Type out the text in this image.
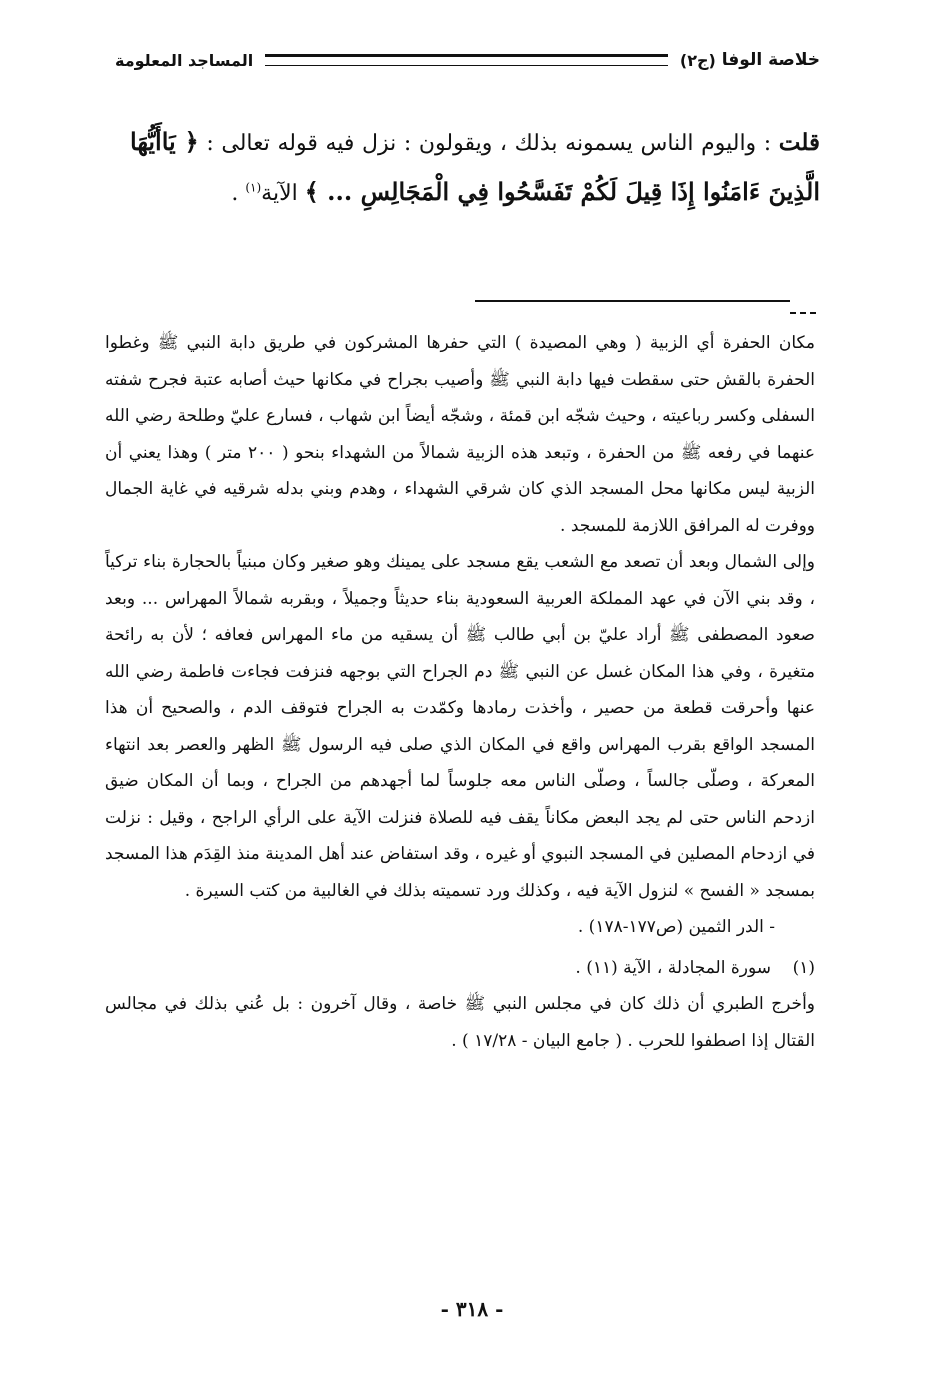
خلاصة الوفا
(ج٢)
المساجد المعلومة
قلت : واليوم الناس يسمونه بذلك ، ويقولون : نزل فيه قوله تعالى : ﴿ يَاأَيُّهَا الَّذِينَ ءَامَنُوا إِذَا قِيلَ لَكُمْ تَفَسَّحُوا فِي الْمَجَالِسِ ... ﴾ الآية$^{(١)}$ .

مكان الحفرة أي الزبية ( وهي المصيدة ) التي حفرها المشركون في طريق دابة النبي ﷺ وغطوا الحفرة بالقش حتى سقطت فيها دابة النبي ﷺ وأصيب بجراح في مكانها حيث أصابه عتبة فجرح شفته السفلى وكسر رباعيته ، وحيث شجّه ابن قمئة ، وشجّه أيضاً ابن شهاب ، فسارع عليّ وطلحة رضي الله عنهما في رفعه ﷺ من الحفرة ، وتبعد هذه الزبية شمالاً من الشهداء بنحو ( ٢٠٠ متر ) وهذا يعني أن الزبية ليس مكانها محل المسجد الذي كان شرقي الشهداء ، وهدم وبني بدله شرقيه في غاية الجمال ووفرت له المرافق اللازمة للمسجد .

وإلى الشمال وبعد أن تصعد مع الشعب يقع مسجد على يمينك وهو صغير وكان مبنياً بالحجارة بناء تركياً ، وقد بني الآن في عهد المملكة العربية السعودية بناء حديثاً وجميلاً ، وبقربه شمالاً المهراس ... وبعد صعود المصطفى ﷺ أراد عليّ بن أبي طالب ﷺ أن يسقيه من ماء المهراس فعافه ؛ لأن به رائحة متغيرة ، وفي هذا المكان غسل عن النبي ﷺ دم الجراح التي بوجهه فنزفت فجاءت فاطمة رضي الله عنها وأحرقت قطعة من حصير ، وأخذت رمادها وكمّدت به الجراح فتوقف الدم ، والصحيح أن هذا المسجد الواقع بقرب المهراس واقع في المكان الذي صلى فيه الرسول ﷺ الظهر والعصر بعد انتهاء المعركة ، وصلّى جالساً ، وصلّى الناس معه جلوساً لما أجهدهم من الجراح ، وبما أن المكان ضيق ازدحم الناس حتى لم يجد البعض مكاناً يقف فيه للصلاة فنزلت الآية على الرأي الراجح ، وقيل : نزلت في ازدحام المصلين في المسجد النبوي أو غيره ، وقد استفاض عند أهل المدينة منذ القِدَم هذا المسجد بمسجد « الفسح » لنزول الآية فيه ، وكذلك ورد تسميته بذلك في الغالبية من كتب السيرة .

- الدر الثمين (ص١٧٧-١٧٨) .

(١)سورة المجادلة ، الآية (١١) .

وأخرج الطبري أن ذلك كان في مجلس النبي ﷺ خاصة ، وقال آخرون : بل عُني بذلك في مجالس القتال إذا اصطفوا للحرب . ( جامع البيان - ١٧/٢٨ ) .

- ٣١٨ -
